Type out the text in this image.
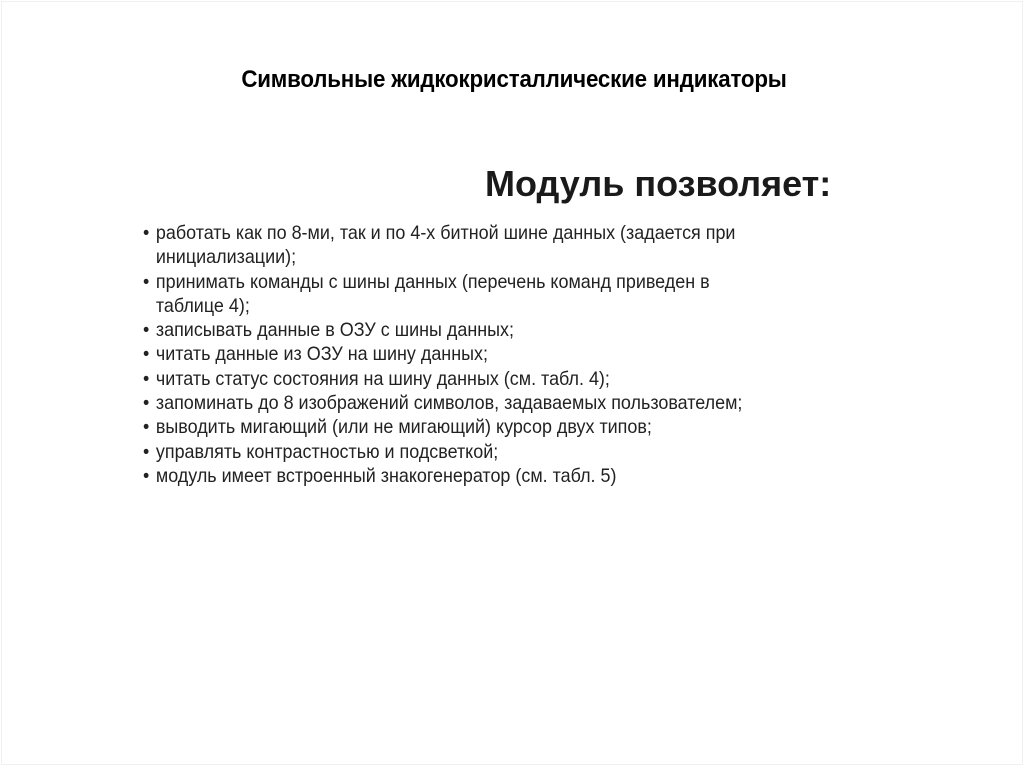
Символьные жидкокристаллические индикаторы
Модуль позволяет:
• работать как по 8-ми, так и по 4-х битной шине данных (задается при
инициализации);
• принимать команды с шины данных (перечень команд приведен в
таблице 4);
• записывать данные в ОЗУ с шины данных;
• читать данные из ОЗУ на шину данных;
• читать статус состояния на шину данных (см. табл. 4);
• запоминать до 8 изображений символов, задаваемых пользователем;
• выводить мигающий (или не мигающий) курсор двух типов;
• управлять контрастностью и подсветкой;
• модуль имеет встроенный знакогенератор (см. табл. 5)
